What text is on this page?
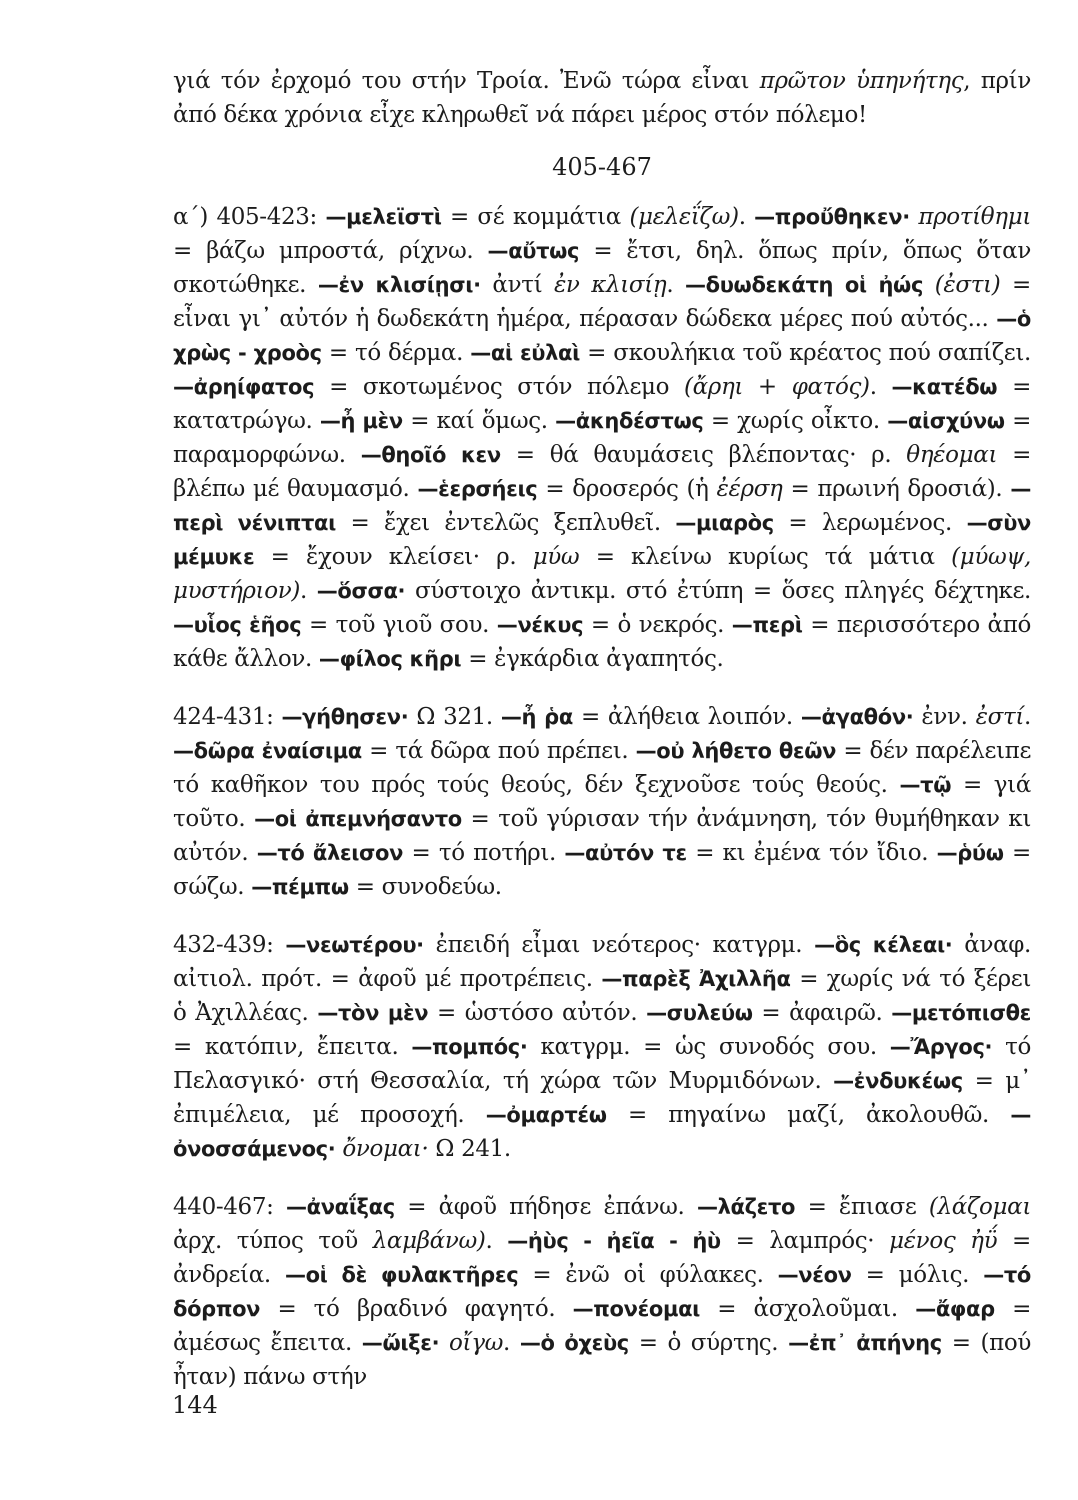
γιά τόν ἐρχομό του στήν Τροία. Ἐνῶ τώρα εἶναι πρῶτον ὑπηνήτης, πρίν ἀπό δέκα χρόνια εἶχε κληρωθεῖ νά πάρει μέρος στόν πόλεμο!

405-467

α΄) 405-423: —μελεϊστὶ = σέ κομμάτια (μελεΐζω). —προὔθηκεν· προτίθημι = βάζω μπροστά, ρίχνω. —αὔτως = ἔτσι, δηλ. ὅπως πρίν, ὅπως ὅταν σκοτώθηκε. —ἐν κλισίῃσι· ἀντί ἐν κλισίῃ. —δυωδεκάτη οἱ ἠώς (ἐστι) = εἶναι γι᾿ αὐτόν ἡ δωδεκάτη ἡμέρα, πέρασαν δώδεκα μέρες πού αὐτός... —ὁ χρὼς - χροὸς = τό δέρμα. —αἱ εὐλαὶ = σκουλήκια τοῦ κρέατος πού σαπίζει. —ἀρηίφατος = σκοτωμένος στόν πόλεμο (ἄρηι + φατός). —κατέδω = κατατρώγω. —ἦ μὲν = καί ὅμως. —ἀκηδέστως = χωρίς οἶκτο. —αἰσχύνω = παραμορφώνω. —θηοῖό κεν = θά θαυμάσεις βλέποντας· ρ. θηέομαι = βλέπω μέ θαυμασμό. —ἑερσήεις = δροσερός (ἡ ἐέρση = πρωινή δροσιά). —περὶ νένιπται = ἔχει ἐντελῶς ξεπλυθεῖ. —μιαρὸς = λερωμένος. —σὺν μέμυκε = ἔχουν κλείσει· ρ. μύω = κλείνω κυρίως τά μάτια (μύωψ, μυστήριον). —ὅσσα· σύστοιχο ἀντικμ. στό ἐτύπη = ὅσες πληγές δέχτηκε. —υἷος ἑῆος = τοῦ γιοῦ σου. —νέκυς = ὁ νεκρός. —περὶ = περισσότερο ἀπό κάθε ἄλλον. —φίλος κῆρι = ἐγκάρδια ἀγαπητός.

424-431: —γήθησεν· Ω 321. —ἦ ῥα = ἀλήθεια λοιπόν. —ἀγαθόν· ἐνν. ἐστί. —δῶρα ἐναίσιμα = τά δῶρα πού πρέπει. —οὐ λήθετο θεῶν = δέν παρέλειπε τό καθῆκον του πρός τούς θεούς, δέν ξεχνοῦσε τούς θεούς. —τῷ = γιά τοῦτο. —οἱ ἀπεμνήσαντο = τοῦ γύρισαν τήν ἀνάμνηση, τόν θυμήθηκαν κι αὐτόν. —τό ἄλεισον = τό ποτήρι. —αὐτόν τε = κι ἐμένα τόν ἴδιο. —ῥύω = σώζω. —πέμπω = συνοδεύω.

432-439: —νεωτέρου· ἐπειδή εἶμαι νεότερος· κατγρμ. —ὃς κέλεαι· ἀναφ. αἰτιολ. πρότ. = ἀφοῦ μέ προτρέπεις. —παρὲξ Ἀχιλλῆα = χωρίς νά τό ξέρει ὁ Ἀχιλλέας. —τὸν μὲν = ὡστόσο αὐτόν. —συλεύω = ἀφαιρῶ. —μετόπισθε = κατόπιν, ἔπειτα. —πομπός· κατγρμ. = ὡς συνοδός σου. —Ἄργος· τό Πελασγικό· στή Θεσσαλία, τή χώρα τῶν Μυρμιδόνων. —ἐνδυκέως = μ᾿ ἐπιμέλεια, μέ προσοχή. —ὀμαρτέω = πηγαίνω μαζί, ἀκολουθῶ. —ὀνοσσάμενος· ὄνομαι· Ω 241.

440-467: —ἀναΐξας = ἀφοῦ πήδησε ἐπάνω. —λάζετο = ἔπιασε (λάζομαι ἀρχ. τύπος τοῦ λαμβάνω). —ἠὺς - ἠεῖα - ἠὺ = λαμπρός· μένος ἠΰ = ἀνδρεία. —οἱ δὲ φυλακτῆρες = ἐνῶ οἱ φύλακες. —νέον = μόλις. —τό δόρπον = τό βραδινό φαγητό. —πονέομαι = ἀσχολοῦμαι. —ἄφαρ = ἀμέσως ἔπειτα. —ὤιξε· οἴγω. —ὁ ὀχεὺς = ὁ σύρτης. —ἐπ᾿ ἀπήνης = (πού ἦταν) πάνω στήν

144
